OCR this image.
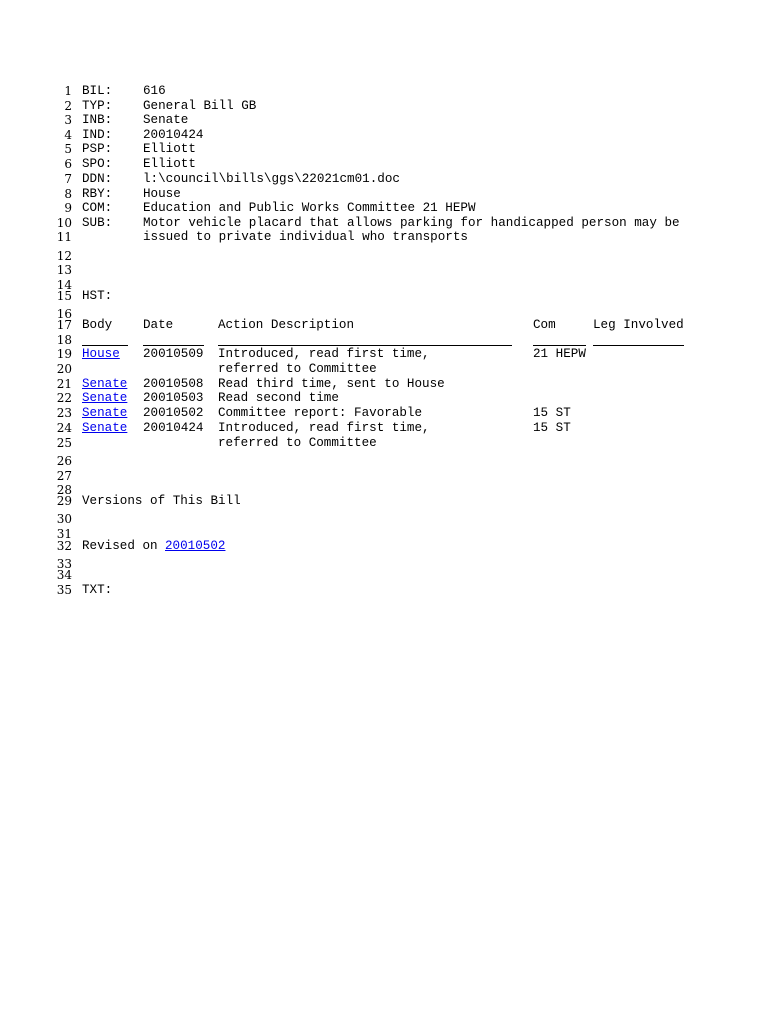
1
2
3
4
5
6
7
8
9
10
11
12
13
14
15
16
17
18
19
20
21
22
23
24
25
26
27
28
29
30
31
32
33
34
35
BIL: 616
TYP: General Bill GB
INB: Senate
IND: 20010424
PSP: Elliott
SPO: Elliott
DDN: l:\council\bills\ggs\22021cm01.doc
RBY: House
COM: Education and Public Works Committee 21 HEPW
SUB: Motor vehicle placard that allows parking for handicapped person may be
issued to private individual who transports
HST:
Body Date	Action Description	Com	Leg Involved
House 20010509 Introduced, read first time,	21 HEPW
referred to Committee
Senate 20010508 Read third time, sent to House
Senate 20010503 Read second time
Senate 20010502 Committee report: Favorable	15 ST
Senate 20010424 Introduced, read first time,	15 ST
referred to Committee
Versions of This Bill
Revised on 20010502
TXT:
